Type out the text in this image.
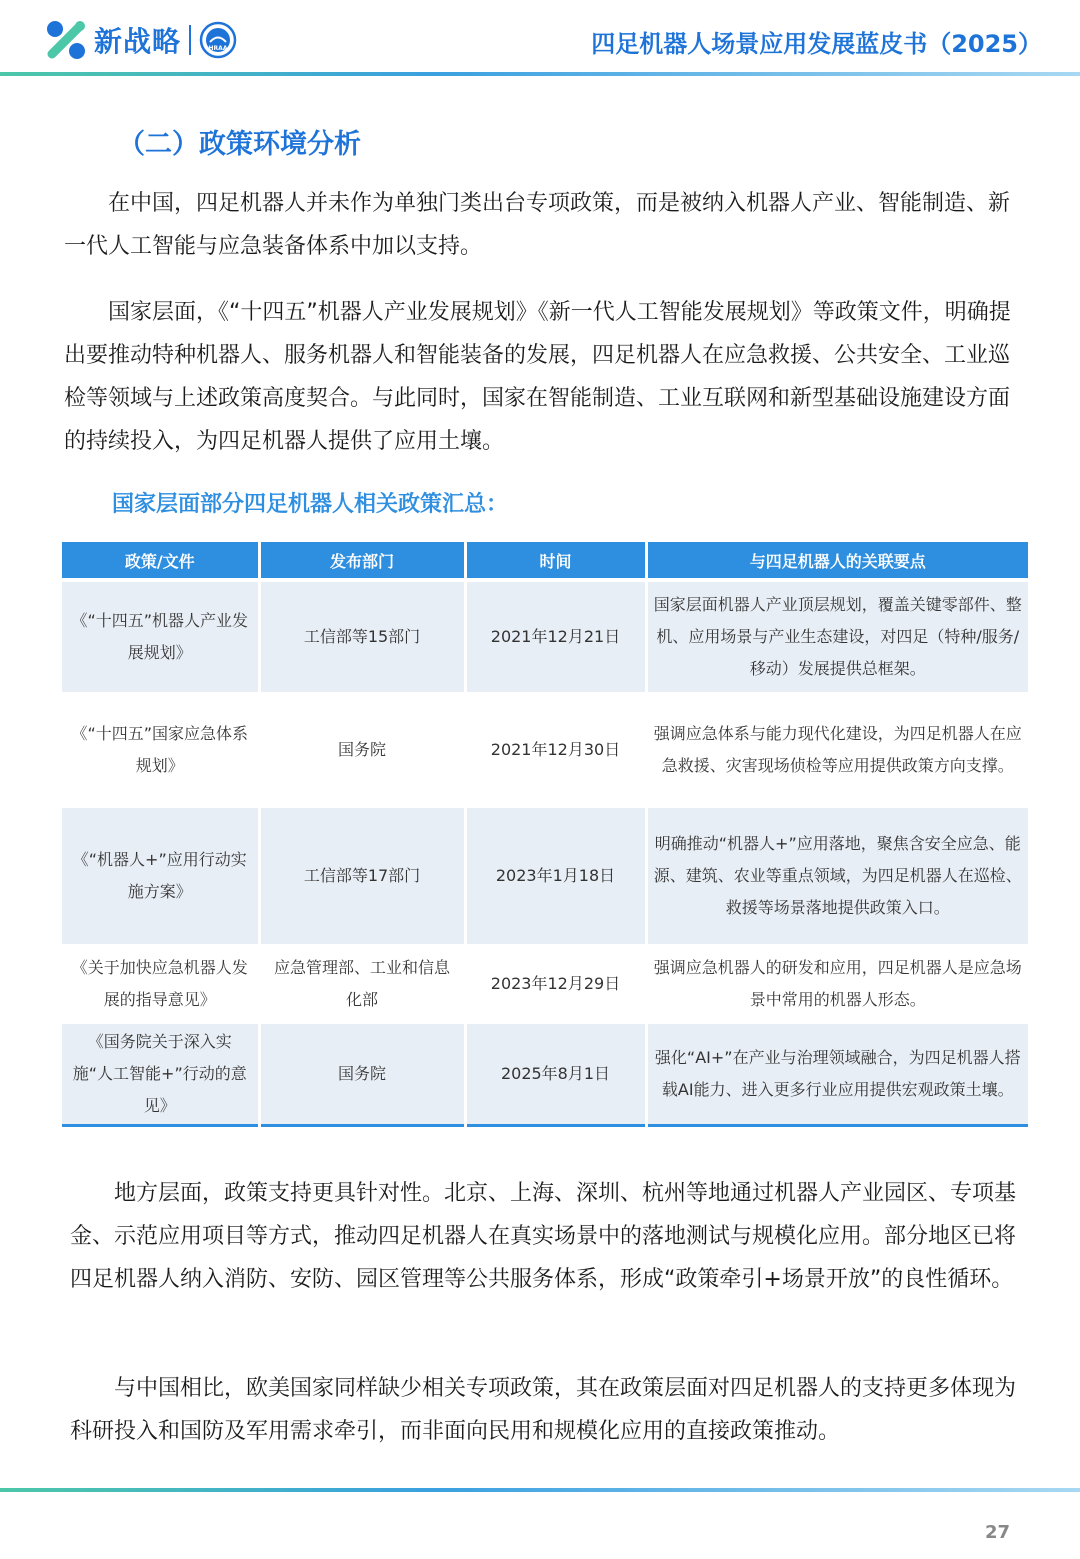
新战略	HRAA	四足机器人场景应用发展蓝皮书（2025）
（二）政策环境分析

在中国，四足机器人并未作为单独门类出台专项政策，而是被纳入机器人产业、智能制造、新一代人工智能与应急装备体系中加以支持。

国家层面，《“十四五”机器人产业发展规划》《新一代人工智能发展规划》等政策文件，明确提出要推动特种机器人、服务机器人和智能装备的发展，四足机器人在应急救援、公共安全、工业巡检等领域与上述政策高度契合。与此同时，国家在智能制造、工业互联网和新型基础设施建设方面的持续投入，为四足机器人提供了应用土壤。

国家层面部分四足机器人相关政策汇总：
政策/文件	发布部门	时间	与四足机器人的关联要点
《“十四五”机器人产业发展规划》	工信部等15部门	2021年12月21日	国家层面机器人产业顶层规划，覆盖关键零部件、整机、应用场景与产业生态建设，对四足（特种/服务/移动）发展提供总框架。
《“十四五”国家应急体系规划》	国务院	2021年12月30日	强调应急体系与能力现代化建设，为四足机器人在应急救援、灾害现场侦检等应用提供政策方向支撑。
《“机器人+”应用行动实施方案》	工信部等17部门	2023年1月18日	明确推动“机器人+”应用落地，聚焦含安全应急、能源、建筑、农业等重点领域，为四足机器人在巡检、救援等场景落地提供政策入口。
《关于加快应急机器人发展的指导意见》	应急管理部、工业和信息化部	2023年12月29日	强调应急机器人的研发和应用，四足机器人是应急场景中常用的机器人形态。
《国务院关于深入实施“人工智能+”行动的意见》	国务院	2025年8月1日	强化“AI+”在产业与治理领域融合，为四足机器人搭载AI能力、进入更多行业应用提供宏观政策土壤。

地方层面，政策支持更具针对性。北京、上海、深圳、杭州等地通过机器人产业园区、专项基金、示范应用项目等方式，推动四足机器人在真实场景中的落地测试与规模化应用。部分地区已将四足机器人纳入消防、安防、园区管理等公共服务体系，形成“政策牵引+场景开放”的良性循环。

与中国相比，欧美国家同样缺少相关专项政策，其在政策层面对四足机器人的支持更多体现为科研投入和国防及军用需求牵引，而非面向民用和规模化应用的直接政策推动。

27
